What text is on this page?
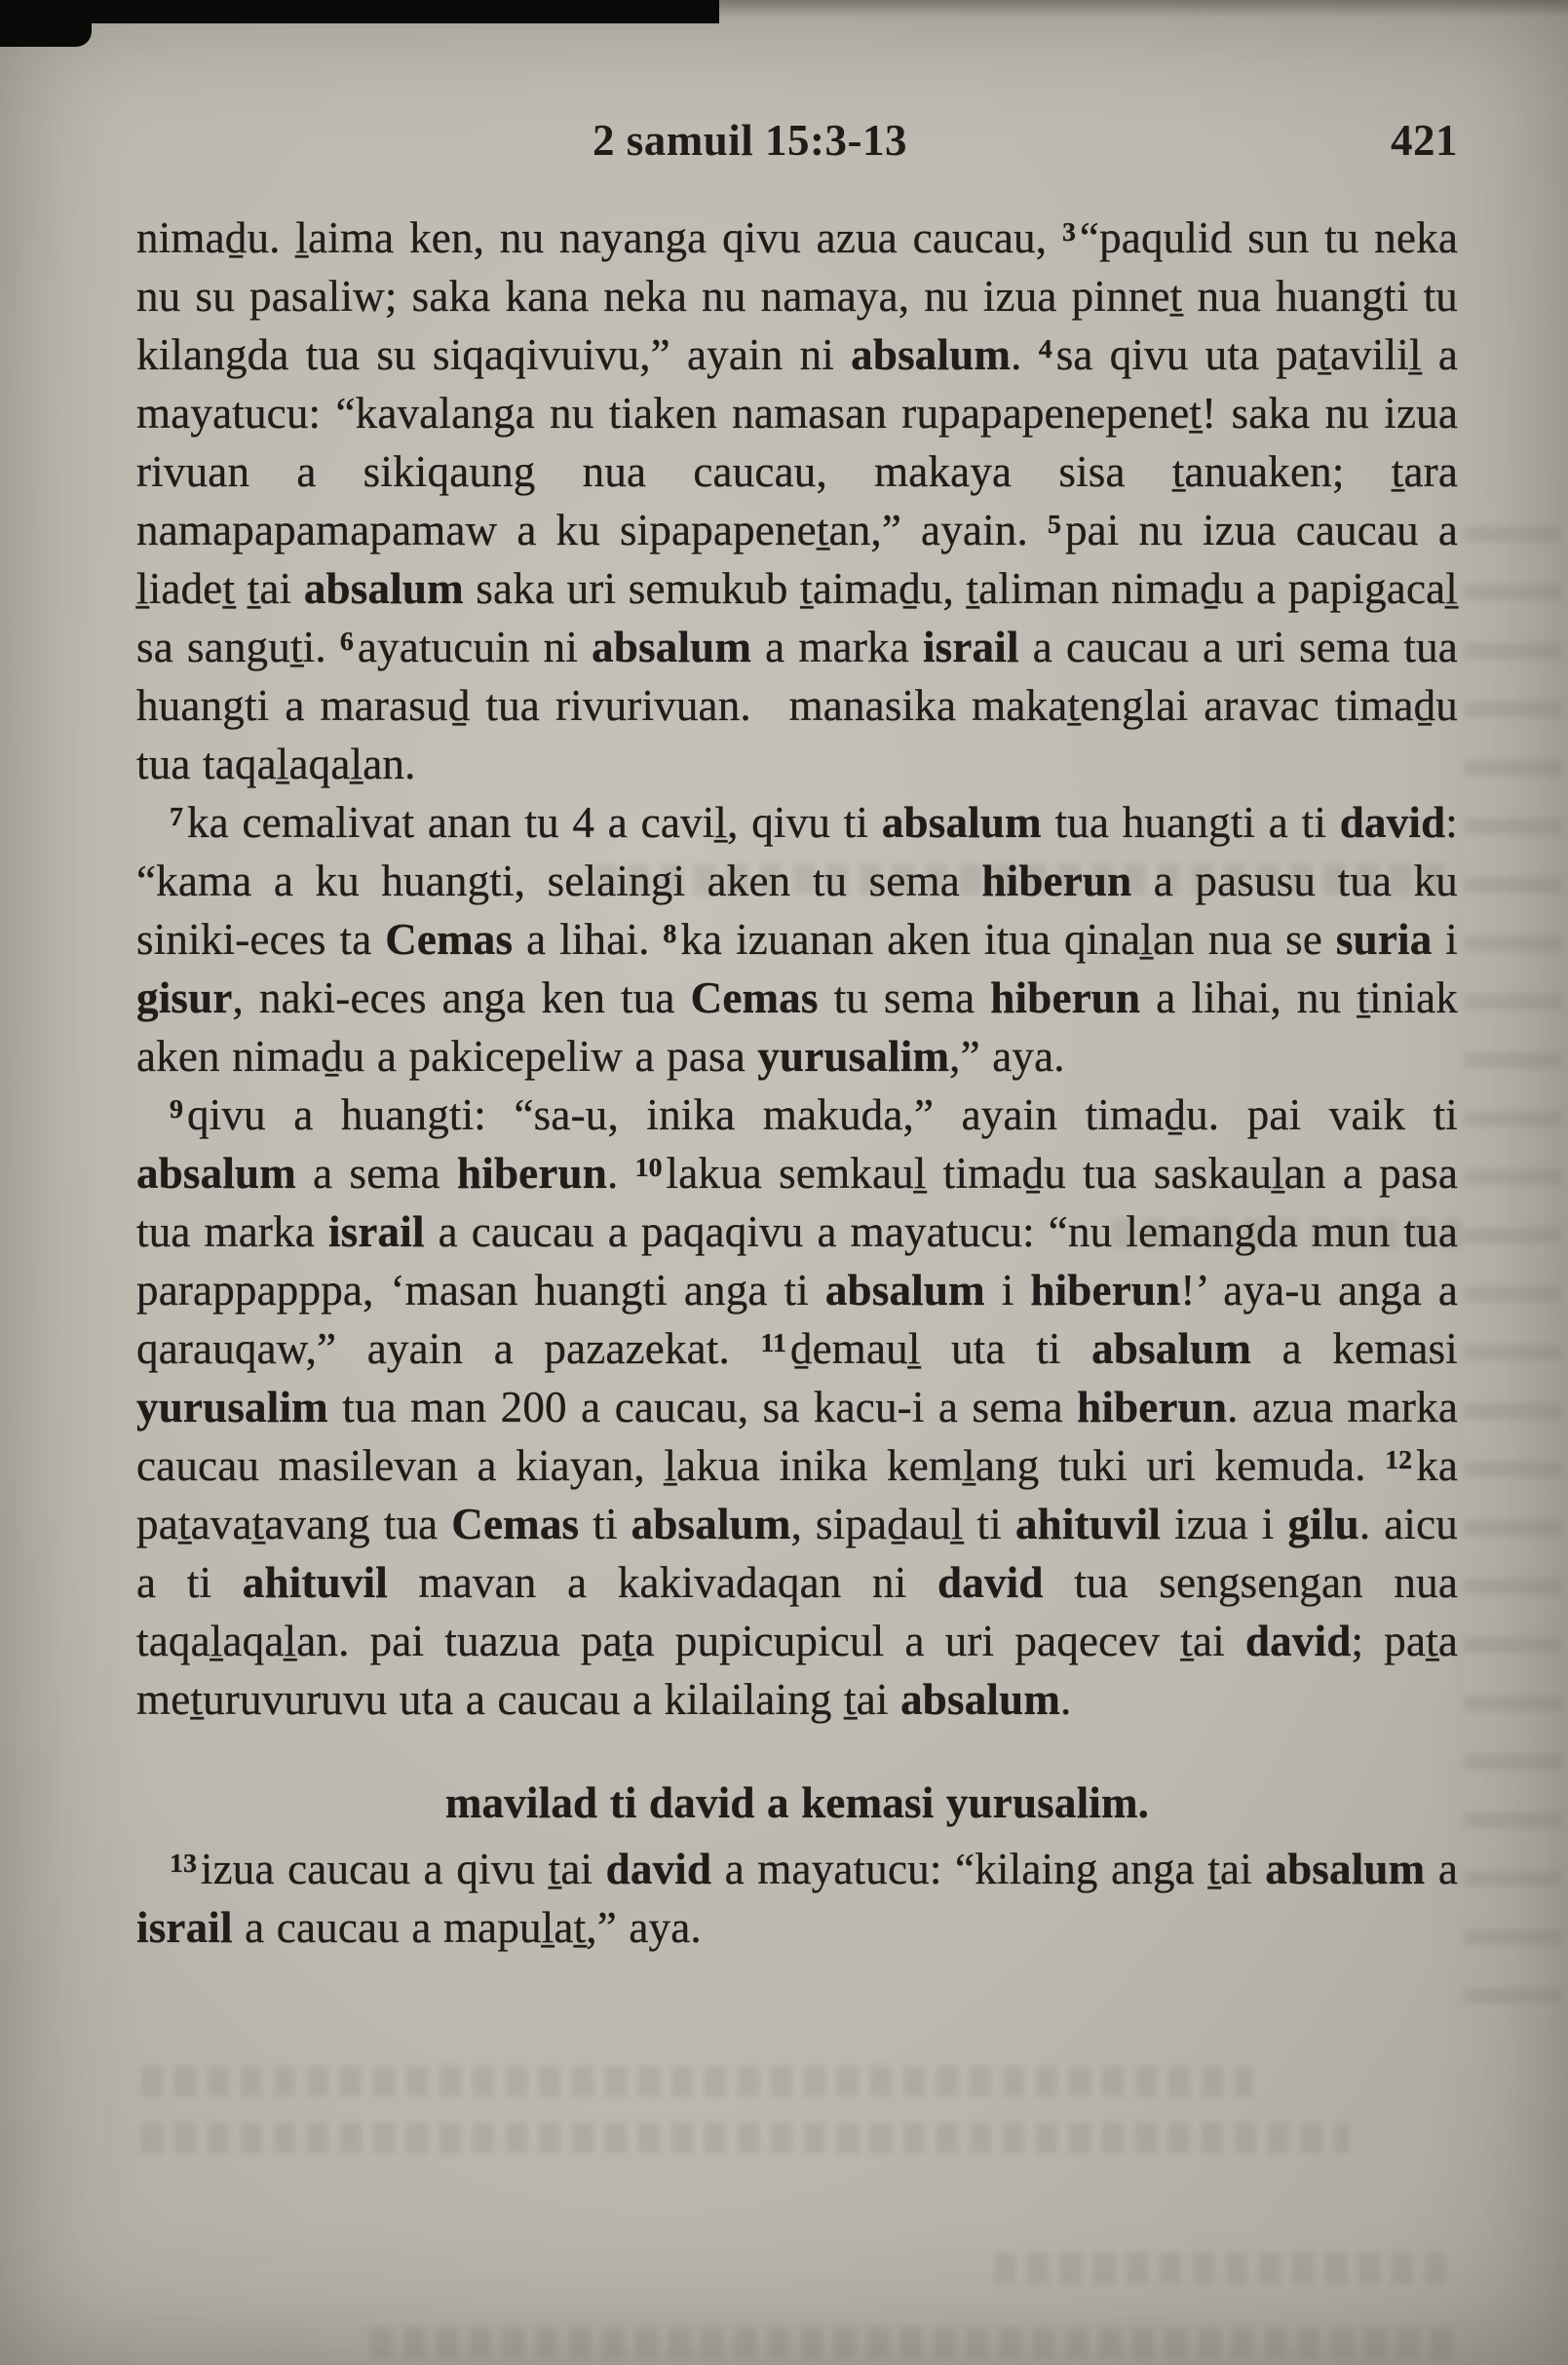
2 samuil 15:3-13	421

nimaḏu. ḻaima ken, nu nayanga qivu azua caucau, $^3$“paqulid sun tu neka nu su pasaliw; saka kana neka nu namaya, nu izua pinneṯ nua huangti tu kilangda tua su siqaqivuivu,” ayain ni absalum. $^4$sa qivu uta paṯaviliḻ a mayatucu: “kavalanga nu tiaken namasan rupapapenepeneṯ! saka nu izua rivuan a sikiqaung nua caucau, makaya sisa ṯanuaken; ṯara namapapamapamaw a ku sipapapeneṯan,” ayain. $^5$pai nu izua caucau a ḻiadeṯ ṯai absalum saka uri semukub ṯaimaḏu, ṯaliman nimaḏu a papigacaḻ sa sanguṯi. $^6$ayatucuin ni absalum a marka israil a caucau a uri sema tua huangti a marasuḏ tua rivurivuan.  manasika makaṯenglai aravac timaḏu tua taqaḻaqaḻan.

$^7$ka cemalivat anan tu 4 a caviḻ, qivu ti absalum tua huangti a ti david: “kama a ku huangti, selaingi aken tu sema hiberun a pasusu tua ku siniki-eces ta Cemas a lihai. $^8$ka izuanan aken itua qinaḻan nua se suria i gisur, naki-eces anga ken tua Cemas tu sema hiberun a lihai, nu ṯiniak aken nimaḏu a pakicepeliw a pasa yurusalim,” aya.

$^9$qivu a huangti: “sa-u, inika makuda,” ayain timaḏu. pai vaik ti absalum a sema hiberun. $^{10}$lakua semkauḻ timaḏu tua saskauḻan a pasa tua marka israil a caucau a paqaqivu a mayatucu: “nu lemangda mun tua parappapppa, ‘masan huangti anga ti absalum i hiberun!’ aya-u anga a qarauqaw,” ayain a pazazekat. $^{11}$ḏemauḻ uta ti absalum a kemasi yurusalim tua man 200 a caucau, sa kacu-i a sema hiberun. azua marka caucau masilevan a kiayan, ḻakua inika kemḻang tuki uri kemuda. $^{12}$ka paṯavaṯavang tua Cemas ti absalum, sipaḏauḻ ti ahituvil izua i gilu. aicu a ti ahituvil mavan a kakivadaqan ni david tua sengsengan nua taqaḻaqaḻan. pai tuazua paṯa pupicupicul a uri paqecev ṯai david; paṯa meṯuruvuruvu uta a caucau a kilailaing ṯai absalum.

mavilad ti david a kemasi yurusalim.

$^{13}$izua caucau a qivu ṯai david a mayatucu: “kilaing anga ṯai absalum a israil a caucau a mapuḻaṯ,” aya.
